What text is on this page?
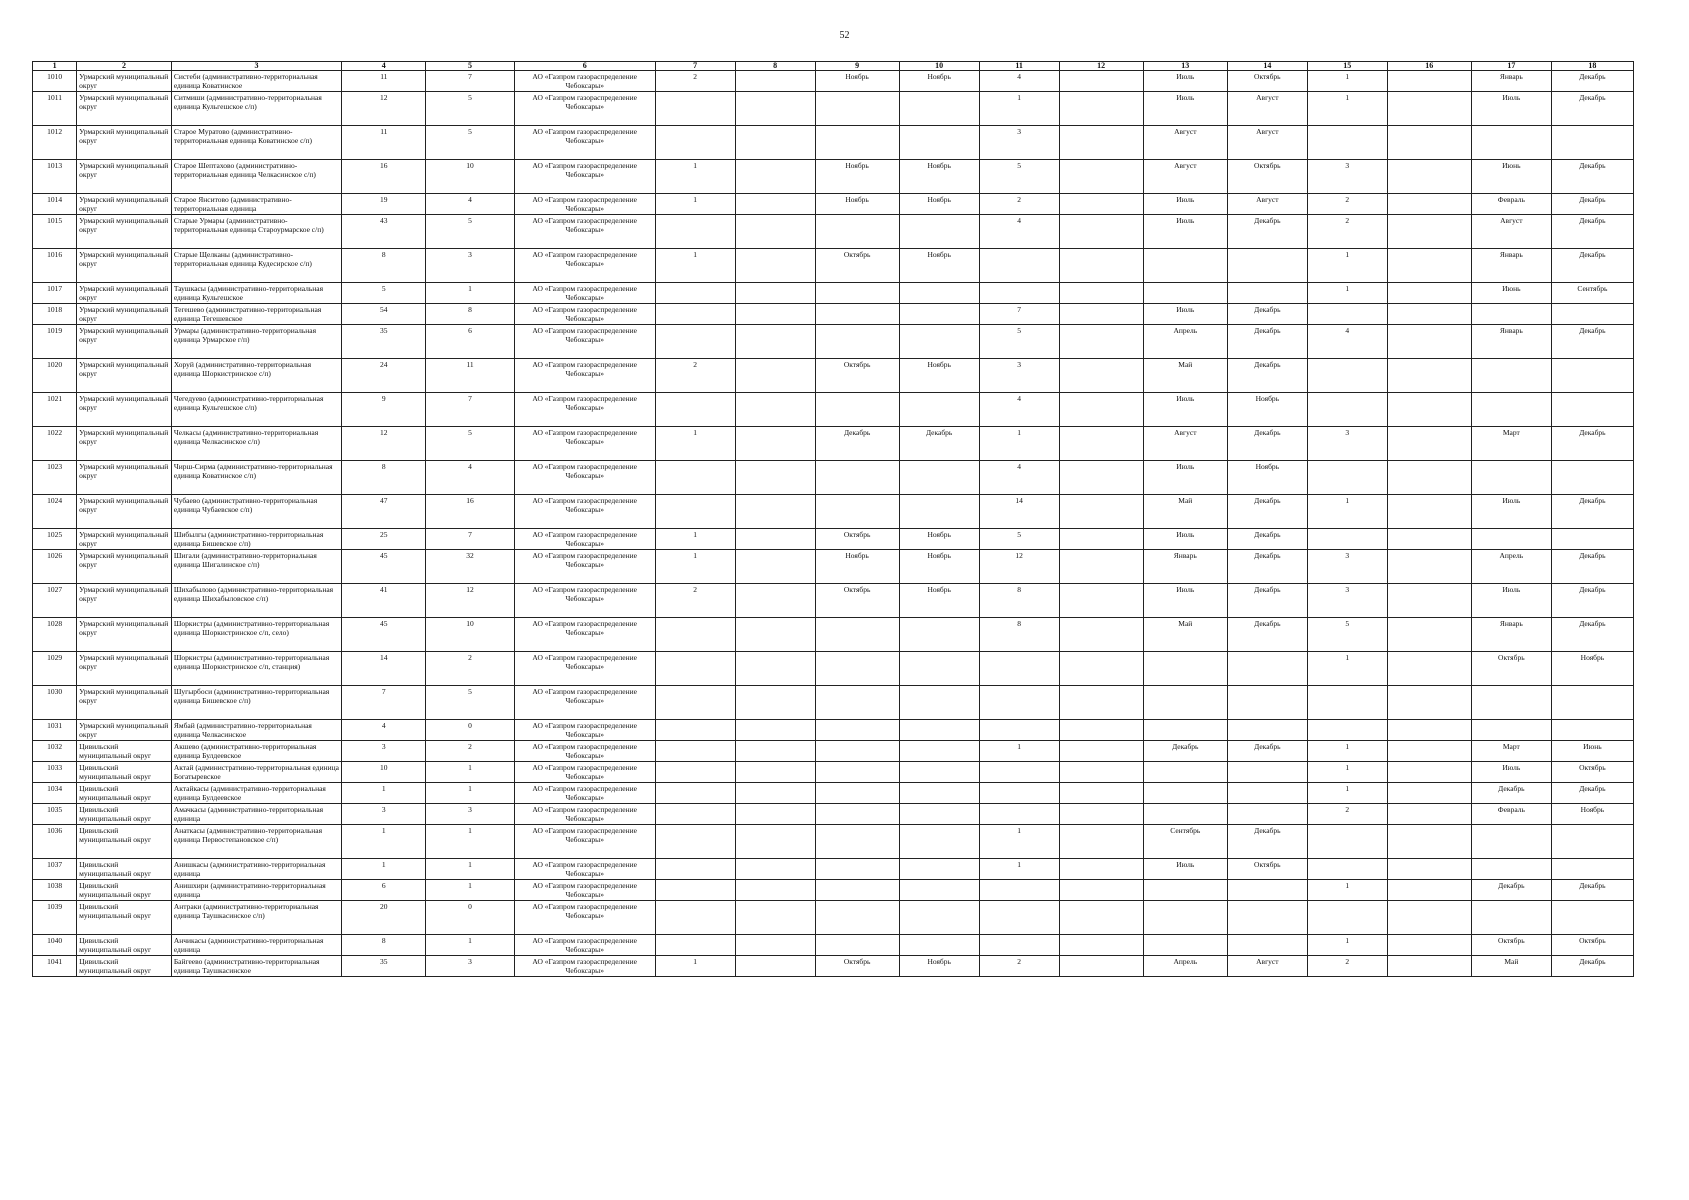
52
1	2	3	4	5	6	7	8	9	10	11	12	13	14	15	16	17	18
1010	Урмарский муниципальный округ	Систеби (административно-территориальная единица Коватинское	11	7	АО «Газпром газораспределение Чебоксары»	2		Ноябрь	Ноябрь	4		Июль	Октябрь	1		Январь	Декабрь
1011	Урмарский муниципальный округ	Ситмиши (административно-территориальная единица Кульгешское с/п)	12	5	АО «Газпром газораспределение Чебоксары»					1		Июль	Август	1		Июль	Декабрь
1012	Урмарский муниципальный округ	Старое Муратово (административно-территориальная единица Коватинское с/п)	11	5	АО «Газпром газораспределение Чебоксары»					3		Август	Август				
1013	Урмарский муниципальный округ	Старое Шептахово (административно-территориальная единица Челкасинское с/п)	16	10	АО «Газпром газораспределение Чебоксары»	1		Ноябрь	Ноябрь	5		Август	Октябрь	3		Июнь	Декабрь
1014	Урмарский муниципальный округ	Старое Янситово (административно-территориальная единица	19	4	АО «Газпром газораспределение Чебоксары»	1		Ноябрь	Ноябрь	2		Июль	Август	2		Февраль	Декабрь
1015	Урмарский муниципальный округ	Старые Урмары (административно-территориальная единица Староурмарское с/п)	43	5	АО «Газпром газораспределение Чебоксары»					4		Июль	Декабрь	2		Август	Декабрь
1016	Урмарский муниципальный округ	Старые Щелканы (административно-территориальная единица Кудесирское с/п)	8	3	АО «Газпром газораспределение Чебоксары»	1		Октябрь	Ноябрь					1		Январь	Декабрь
1017	Урмарский муниципальный округ	Таушкасы (административно-территориальная единица Кульгешское	5	1	АО «Газпром газораспределение Чебоксары»									1		Июнь	Сентябрь
1018	Урмарский муниципальный округ	Тегешево (административно-территориальная единица Тегешевское	54	8	АО «Газпром газораспределение Чебоксары»					7		Июль	Декабрь				
1019	Урмарский муниципальный округ	Урмары (административно-территориальная единица Урмарское г/п)	35	6	АО «Газпром газораспределение Чебоксары»					5		Апрель	Декабрь	4		Январь	Декабрь
1020	Урмарский муниципальный округ	Хоруй (административно-территориальная единица Шоркистринское с/п)	24	11	АО «Газпром газораспределение Чебоксары»	2		Октябрь	Ноябрь	3		Май	Декабрь				
1021	Урмарский муниципальный округ	Чегедуево (административно-территориальная единица Кульгешское с/п)	9	7	АО «Газпром газораспределение Чебоксары»					4		Июль	Ноябрь				
1022	Урмарский муниципальный округ	Челкасы (административно-территориальная единица Челкасинское с/п)	12	5	АО «Газпром газораспределение Чебоксары»	1		Декабрь	Декабрь	1		Август	Декабрь	3		Март	Декабрь
1023	Урмарский муниципальный округ	Чирш-Сирма (административно-территориальная единица Коватинское с/п)	8	4	АО «Газпром газораспределение Чебоксары»					4		Июль	Ноябрь				
1024	Урмарский муниципальный округ	Чубаево (административно-территориальная единица Чубаевское с/п)	47	16	АО «Газпром газораспределение Чебоксары»					14		Май	Декабрь	1		Июль	Декабрь
1025	Урмарский муниципальный округ	Шибылгы (административно-территориальная единица Бишевское с/п)	25	7	АО «Газпром газораспределение Чебоксары»	1		Октябрь	Ноябрь	5		Июль	Декабрь				
1026	Урмарский муниципальный округ	Шигали (административно-территориальная единица Шигалинское с/п)	45	32	АО «Газпром газораспределение Чебоксары»	1		Ноябрь	Ноябрь	12		Январь	Декабрь	3		Апрель	Декабрь
1027	Урмарский муниципальный округ	Шихабылово (административно-территориальная единица Шихабыловское с/п)	41	12	АО «Газпром газораспределение Чебоксары»	2		Октябрь	Ноябрь	8		Июль	Декабрь	3		Июль	Декабрь
1028	Урмарский муниципальный округ	Шоркистры (административно-территориальная единица Шоркистринское с/п, село)	45	10	АО «Газпром газораспределение Чебоксары»					8		Май	Декабрь	5		Январь	Декабрь
1029	Урмарский муниципальный округ	Шоркистры (административно-территориальная единица Шоркистринское с/п, станция)	14	2	АО «Газпром газораспределение Чебоксары»									1		Октябрь	Ноябрь
1030	Урмарский муниципальный округ	Шугырбоси (административно-территориальная единица Бишевское с/п)	7	5	АО «Газпром газораспределение Чебоксары»												
1031	Урмарский муниципальный округ	Ямбай (административно-территориальная единица Челкасинское	4	0	АО «Газпром газораспределение Чебоксары»												
1032	Цивильский муниципальный округ	Акшево (административно-территориальная единица Булдеевское	3	2	АО «Газпром газораспределение Чебоксары»					1		Декабрь	Декабрь	1		Март	Июнь
1033	Цивильский муниципальный округ	Актай (административно-территориальная единица Богатыревское	10	1	АО «Газпром газораспределение Чебоксары»									1		Июль	Октябрь
1034	Цивильский муниципальный округ	Актайкасы (административно-территориальная единица Булдеевское	1	1	АО «Газпром газораспределение Чебоксары»									1		Декабрь	Декабрь
1035	Цивильский муниципальный округ	Амачкасы (административно-территориальная единица	3	3	АО «Газпром газораспределение Чебоксары»									2		Февраль	Ноябрь
1036	Цивильский муниципальный округ	Анаткасы (административно-территориальная единица Первостепановское с/п)	1	1	АО «Газпром газораспределение Чебоксары»					1		Сентябрь	Декабрь				
1037	Цивильский муниципальный округ	Анишкасы (административно-территориальная единица	1	1	АО «Газпром газораспределение Чебоксары»					1		Июль	Октябрь				
1038	Цивильский муниципальный округ	Анишхири (административно-территориальная единица	6	1	АО «Газпром газораспределение Чебоксары»									1		Декабрь	Декабрь
1039	Цивильский муниципальный округ	Антраки (административно-территориальная единица Таушкасинское с/п)	20	0	АО «Газпром газораспределение Чебоксары»												
1040	Цивильский муниципальный округ	Анчикасы (административно-территориальная единица	8	1	АО «Газпром газораспределение Чебоксары»									1		Октябрь	Октябрь
1041	Цивильский муниципальный округ	Байгеево (административно-территориальная единица Таушкасинское	35	3	АО «Газпром газораспределение Чебоксары»	1		Октябрь	Ноябрь	2		Апрель	Август	2		Май	Декабрь
